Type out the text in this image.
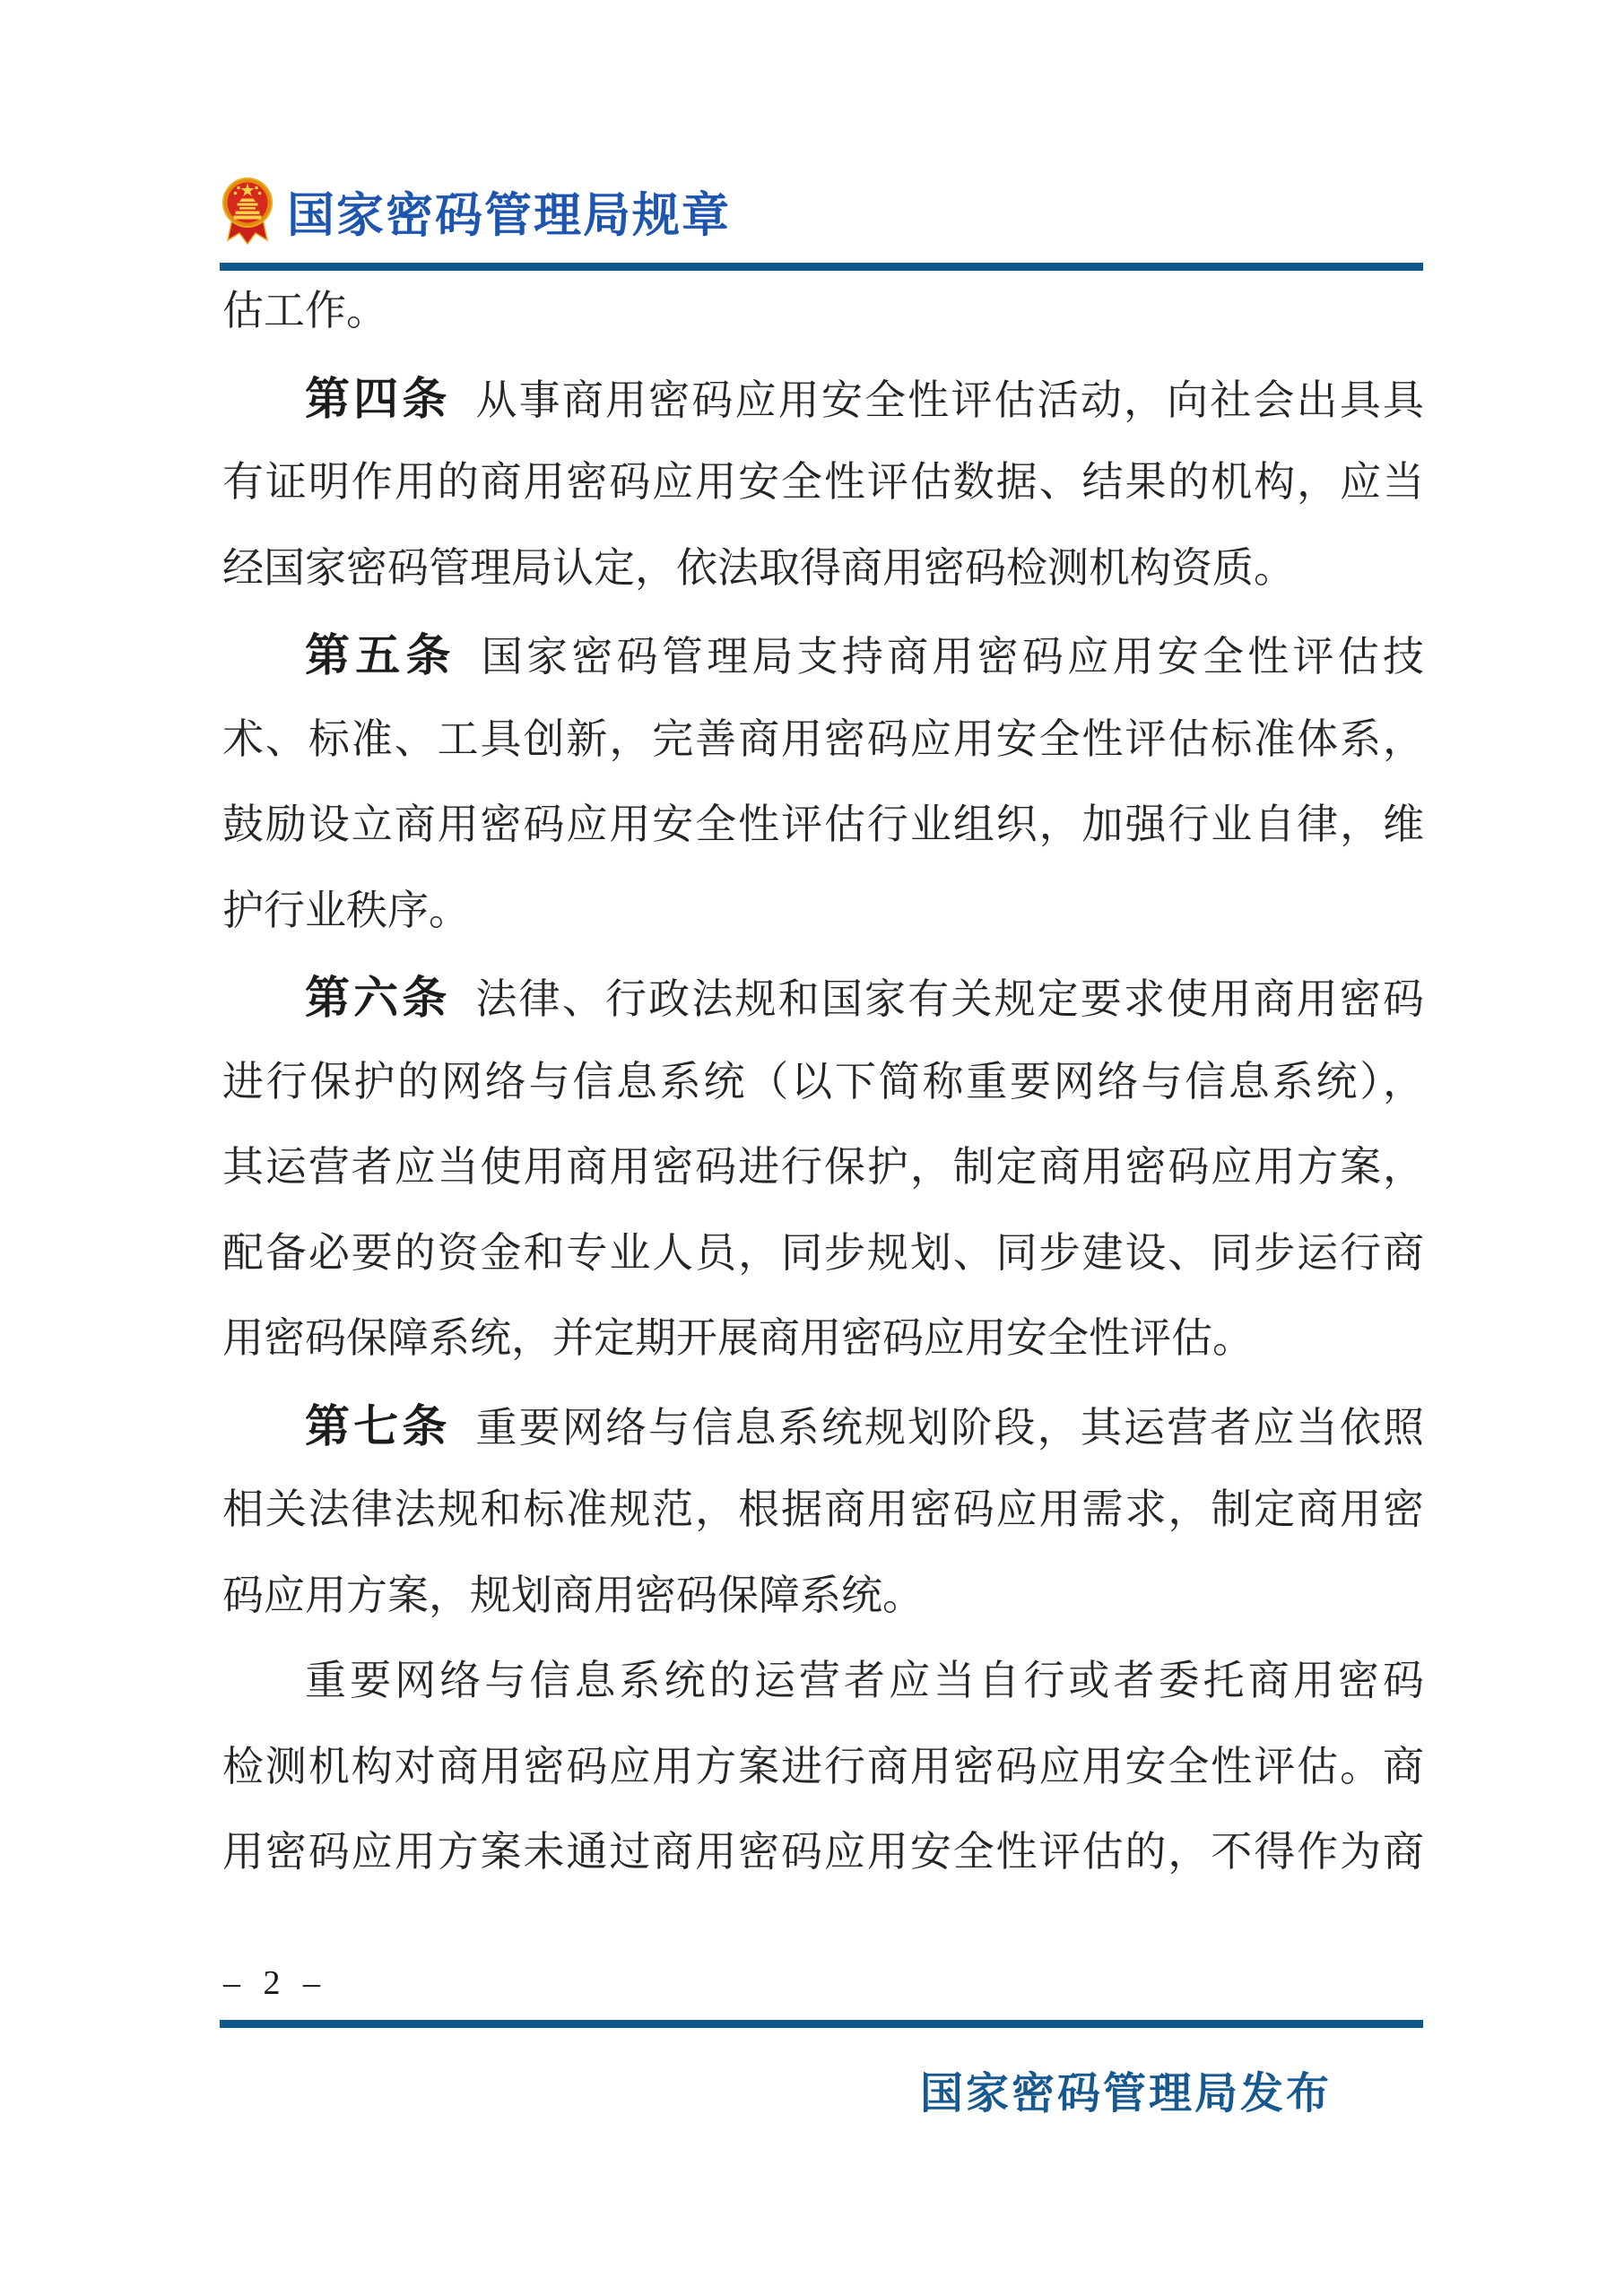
国家密码管理局规章
估工作。
第四条 从事商用密码应用安全性评估活动，向社会出具具
有证明作用的商用密码应用安全性评估数据、结果的机构，应当
经国家密码管理局认定，依法取得商用密码检测机构资质。
第五条 国家密码管理局支持商用密码应用安全性评估技
术、标准、工具创新，完善商用密码应用安全性评估标准体系，
鼓励设立商用密码应用安全性评估行业组织，加强行业自律，维
护行业秩序。
第六条 法律、行政法规和国家有关规定要求使用商用密码
进行保护的网络与信息系统（以下简称重要网络与信息系统），
其运营者应当使用商用密码进行保护，制定商用密码应用方案，
配备必要的资金和专业人员，同步规划、同步建设、同步运行商
用密码保障系统，并定期开展商用密码应用安全性评估。
第七条 重要网络与信息系统规划阶段，其运营者应当依照
相关法律法规和标准规范，根据商用密码应用需求，制定商用密
码应用方案，规划商用密码保障系统。
重要网络与信息系统的运营者应当自行或者委托商用密码
检测机构对商用密码应用方案进行商用密码应用安全性评估。商
用密码应用方案未通过商用密码应用安全性评估的，不得作为商
– 2 –
国家密码管理局发布
